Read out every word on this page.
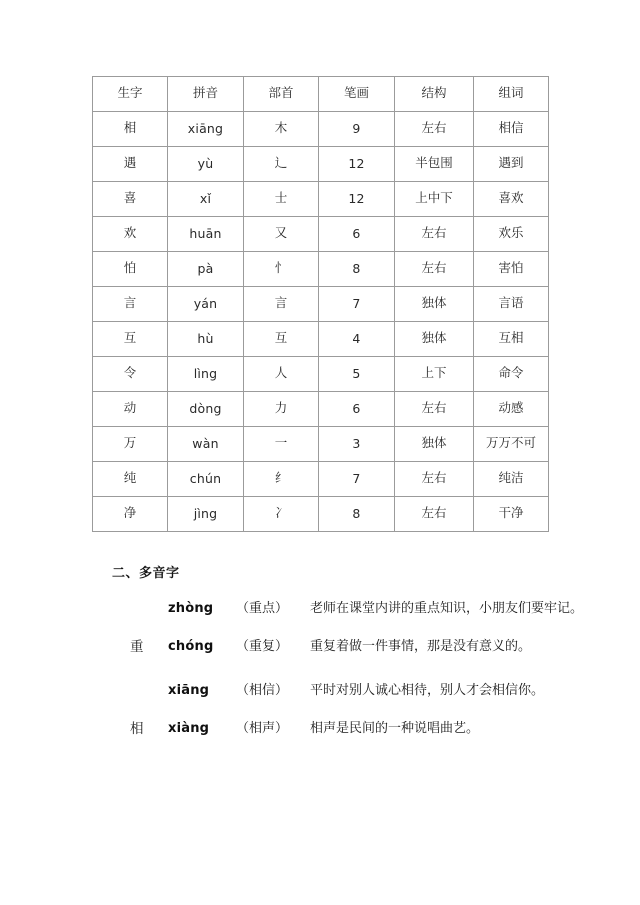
生字	拼音	部首	笔画	结构	组词
相	xiāng	木	9	左右	相信
遇	yù	辶	12	半包围	遇到
喜	xǐ	士	12	上中下	喜欢
欢	huān	又	6	左右	欢乐
怕	pà	忄	8	左右	害怕
言	yán	言	7	独体	言语
互	hù	互	4	独体	互相
令	lìng	人	5	上下	命令
动	dòng	力	6	左右	动感
万	wàn	一	3	独体	万万不可
纯	chún	纟	7	左右	纯洁
净	jìng	冫	8	左右	干净
二、多音字
重
zhòng	（重点）	老师在课堂内讲的重点知识，小朋友们要牢记。
chóng	（重复）	重复着做一件事情，那是没有意义的。
相
xiāng	（相信）	平时对别人诚心相待，别人才会相信你。
xiàng	（相声）	相声是民间的一种说唱曲艺。
